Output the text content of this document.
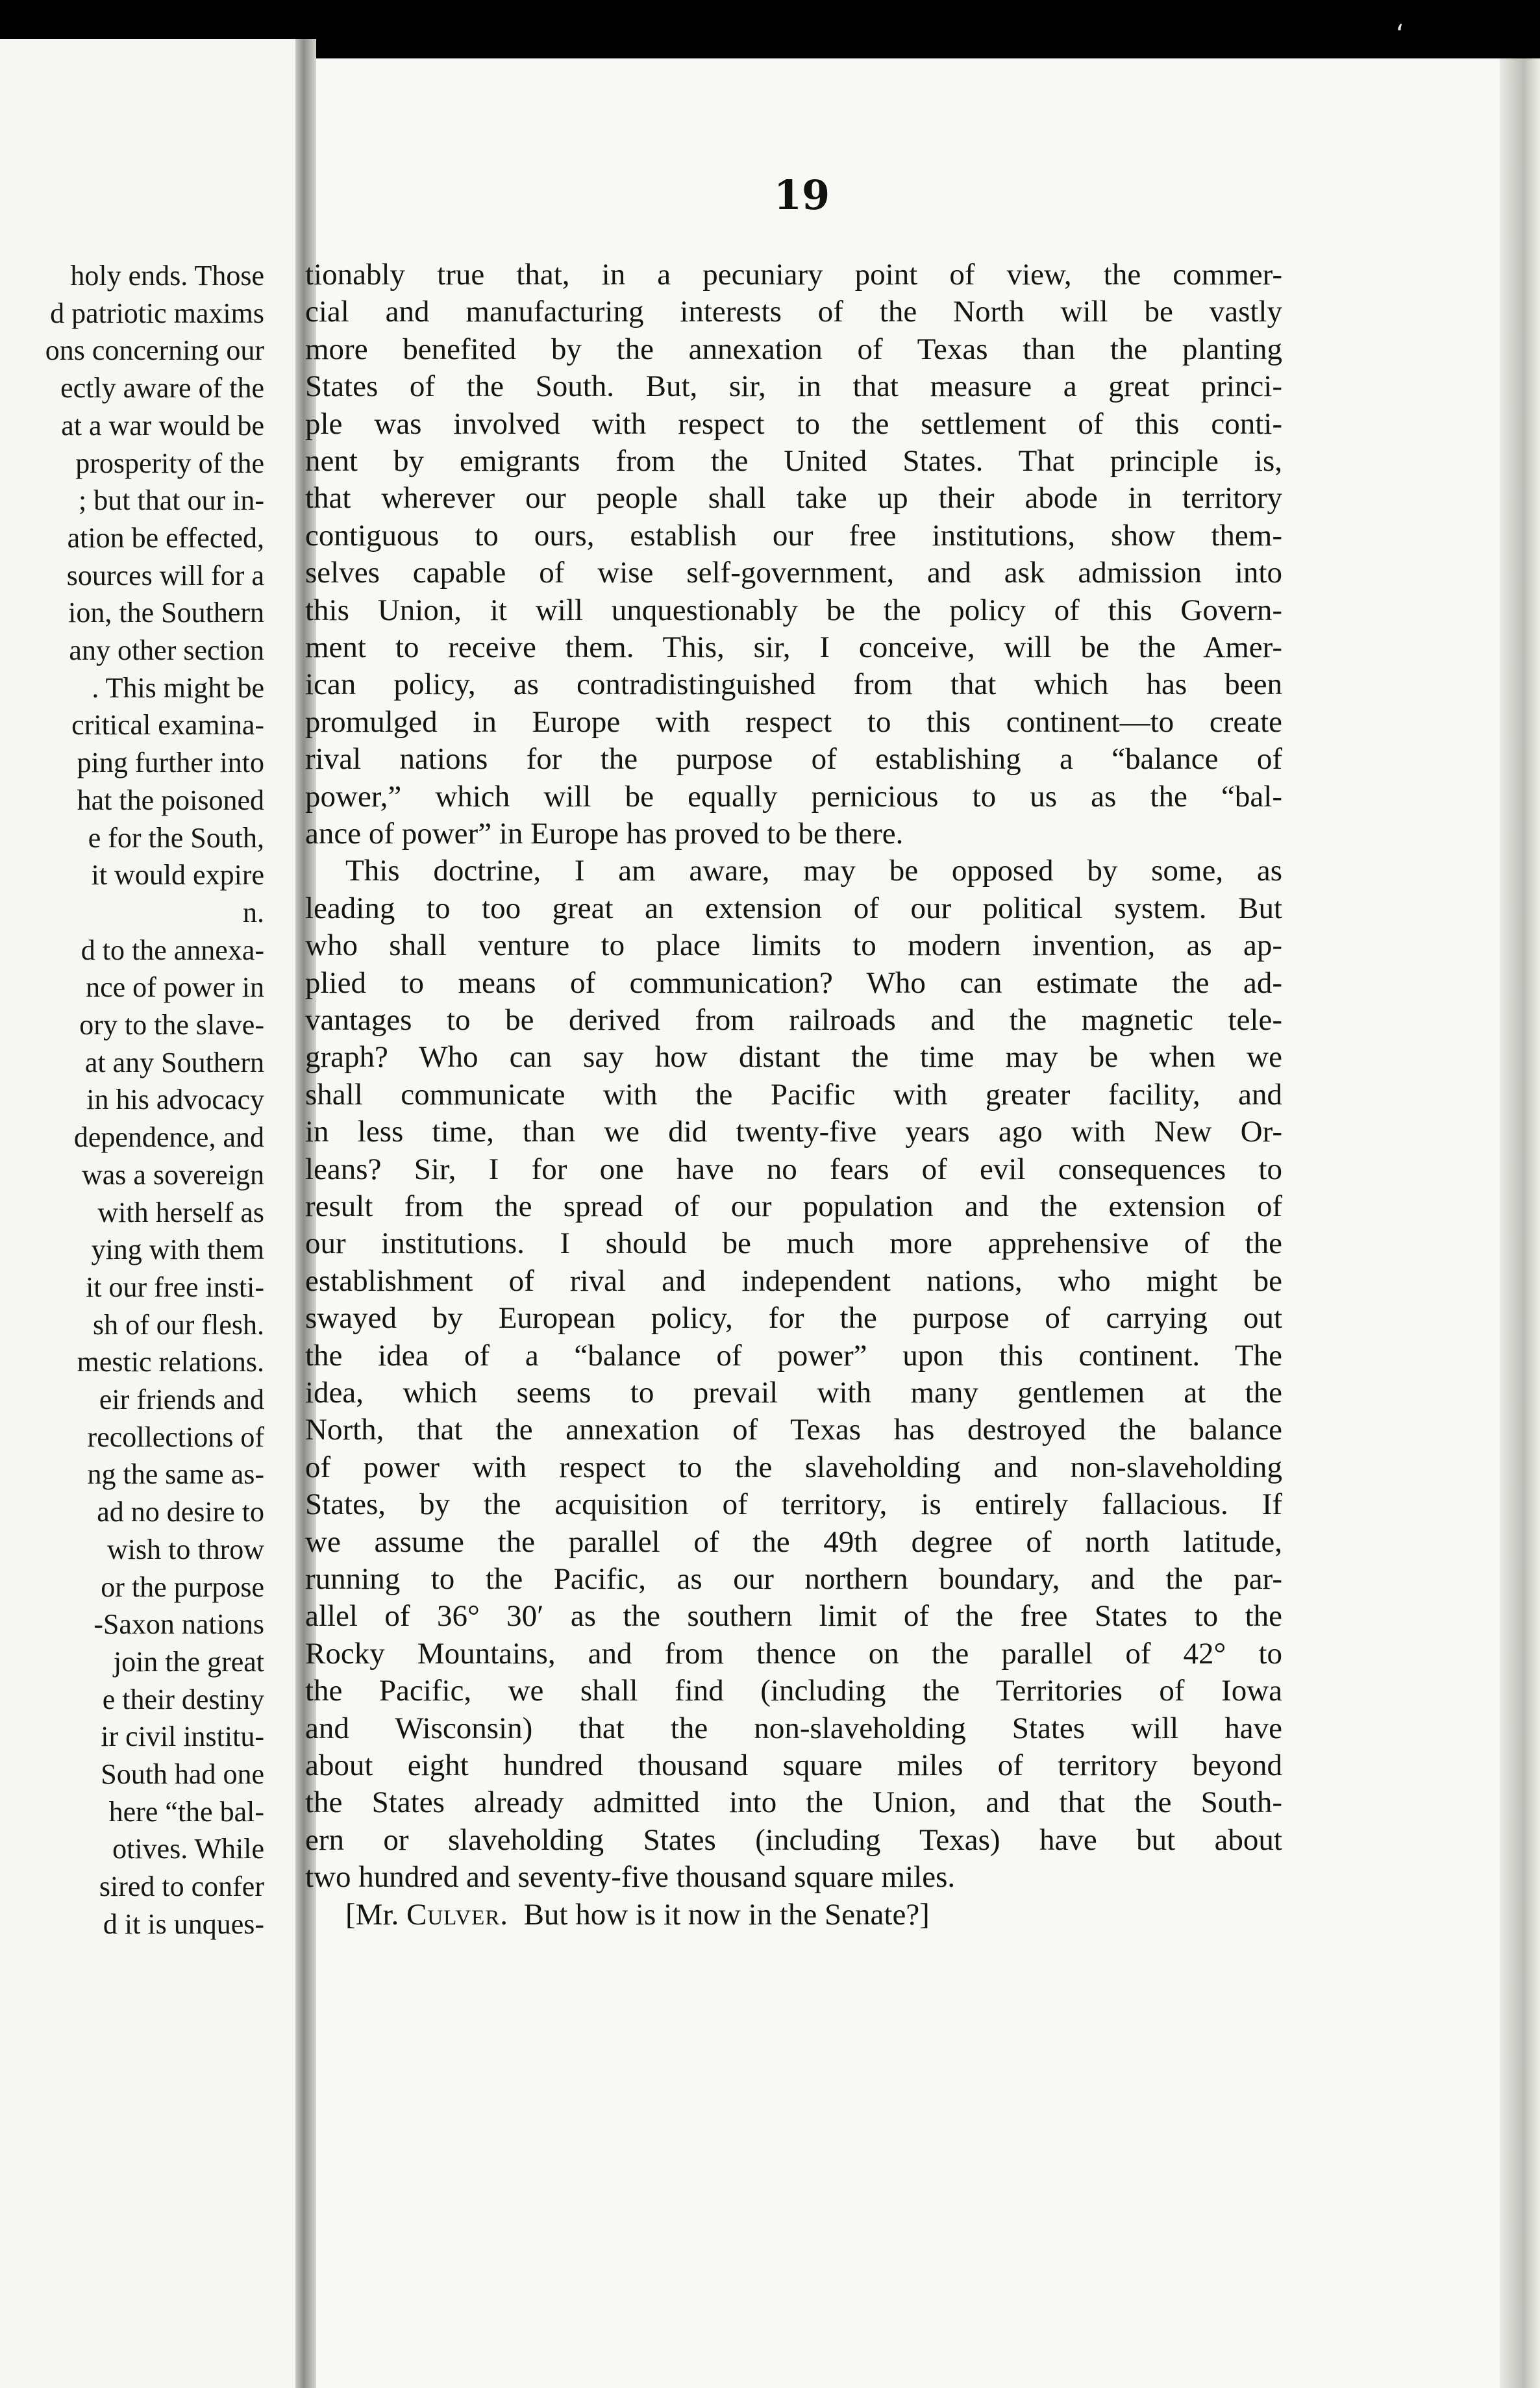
‘
19
holy ends. Those
d patriotic maxims
ons concerning our
ectly aware of the
at a war would be
prosperity of the
; but that our in-
ation be effected,
sources will for a
ion, the Southern
any other section
. This might be
critical examina-
ping further into
hat the poisoned
e for the South,
it would expire
n.
d to the annexa-
nce of power in
ory to the slave-
at any Southern
in his advocacy
dependence, and
was a sovereign
with herself as
ying with them
it our free insti-
sh of our flesh.
mestic relations.
eir friends and
recollections of
ng the same as-
ad no desire to
wish to throw
or the purpose
-Saxon nations
join the great
e their destiny
ir civil institu-
South had one
here “the bal-
otives. While
sired to confer
d it is unques-
tionably true that, in a pecuniary point of view, the commer-
cial and manufacturing interests of the North will be vastly
more benefited by the annexation of Texas than the planting
States of the South. But, sir, in that measure a great princi-
ple was involved with respect to the settlement of this conti-
nent by emigrants from the United States. That principle is,
that wherever our people shall take up their abode in territory
contiguous to ours, establish our free institutions, show them-
selves capable of wise self-government, and ask admission into
this Union, it will unquestionably be the policy of this Govern-
ment to receive them. This, sir, I conceive, will be the Amer-
ican policy, as contradistinguished from that which has been
promulged in Europe with respect to this continent—to create
rival nations for the purpose of establishing a “balance of
power,” which will be equally pernicious to us as the “bal-
ance of power” in Europe has proved to be there.
This doctrine, I am aware, may be opposed by some, as
leading to too great an extension of our political system. But
who shall venture to place limits to modern invention, as ap-
plied to means of communication? Who can estimate the ad-
vantages to be derived from railroads and the magnetic tele-
graph? Who can say how distant the time may be when we
shall communicate with the Pacific with greater facility, and
in less time, than we did twenty-five years ago with New Or-
leans? Sir, I for one have no fears of evil consequences to
result from the spread of our population and the extension of
our institutions. I should be much more apprehensive of the
establishment of rival and independent nations, who might be
swayed by European policy, for the purpose of carrying out
the idea of a “balance of power” upon this continent. The
idea, which seems to prevail with many gentlemen at the
North, that the annexation of Texas has destroyed the balance
of power with respect to the slaveholding and non-slaveholding
States, by the acquisition of territory, is entirely fallacious. If
we assume the parallel of the 49th degree of north latitude,
running to the Pacific, as our northern boundary, and the par-
allel of 36° 30′ as the southern limit of the free States to the
Rocky Mountains, and from thence on the parallel of 42° to
the Pacific, we shall find (including the Territories of Iowa
and Wisconsin) that the non-slaveholding States will have
about eight hundred thousand square miles of territory beyond
the States already admitted into the Union, and that the South-
ern or slaveholding States (including Texas) have but about
two hundred and seventy-five thousand square miles.
[Mr. Culver.  But how is it now in the Senate?]
